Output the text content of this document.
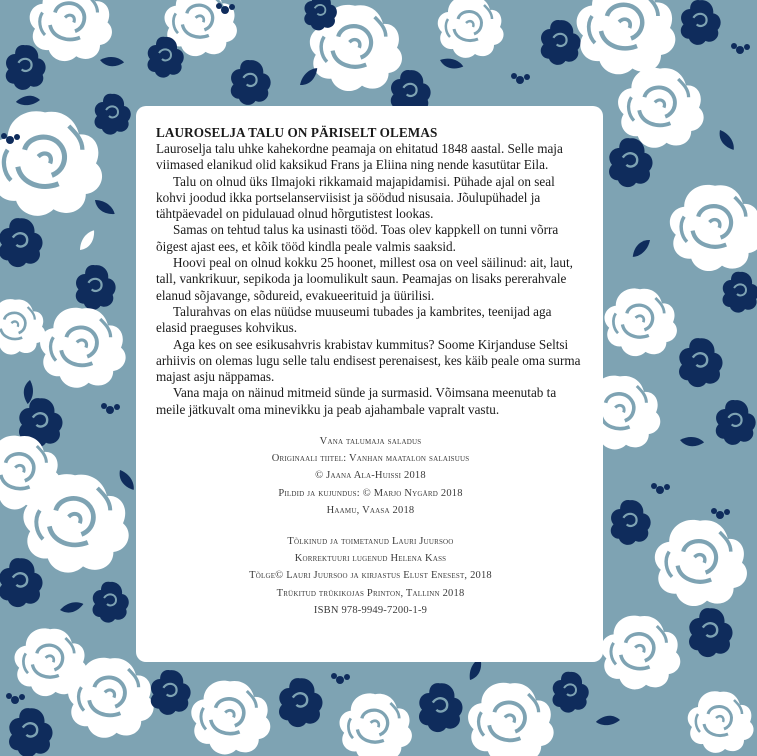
LAUROSELJA TALU ON PÄRISELT OLEMAS

Lauroselja talu uhke kahekordne peamaja on ehitatud 1848 aastal. Selle maja viimased elanikud olid kaksikud Frans ja Eliina ning nende kasutütar Eila.

Talu on olnud üks Ilmajoki rikkamaid majapidamisi. Pühade ajal on seal kohvi joodud ikka portselanserviisist ja söödud nisusaia. Jõulupühadel ja tähtpäevadel on pidulauad olnud hõrgutistest lookas.

Samas on tehtud talus ka usinasti tööd. Toas olev kappkell on tunni võrra õigest ajast ees, et kõik tööd kindla peale valmis saaksid.

Hoovi peal on olnud kokku 25 hoonet, millest osa on veel säilinud: ait, laut, tall, vankrikuur, sepikoda ja loomulikult saun. Peamajas on lisaks pererahvale elanud sõjavange, sõdureid, evakueerituid ja üürilisi.

Talurahvas on elas nüüdse muuseumi tubades ja kambrites, teenijad aga elasid praeguses kohvikus.

Aga kes on see esikusahvris krabistav kummitus? Soome Kirjanduse Seltsi arhiivis on olemas lugu selle talu endisest perenaisest, kes käib peale oma surma majast asju näppamas.

Vana maja on näinud mitmeid sünde ja surmasid. Võimsana meenutab ta meile jätkuvalt oma minevikku ja peab ajahambale vapralt vastu.

Vana talumaja saladus
Originaali tiitel: Vanhan maatalon salaisuus
© Jaana Ala-Huissi 2018
Pildid ja kujundus: © Marjo Nygård 2018
Haamu, Vaasa 2018
Tõlkinud ja toimetanud Lauri Juursoo
Korrektuuri lugenud Helena Kass
Tõlge© Lauri Juursoo ja kirjastus Elust Enesest, 2018
Trükitud trükikojas Printon, Tallinn 2018
ISBN 978-9949-7200-1-9
